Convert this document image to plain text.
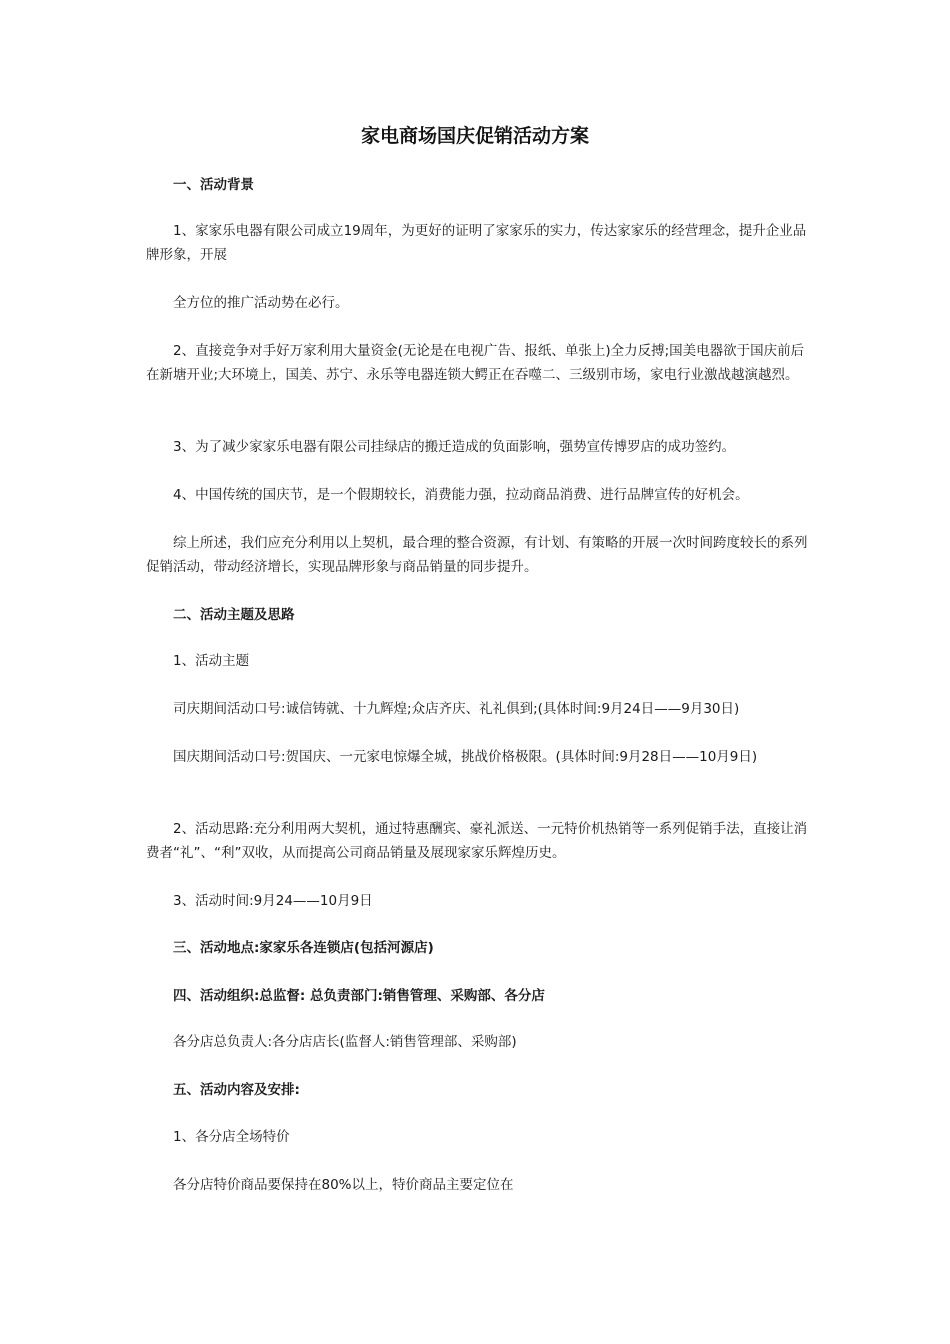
家电商场国庆促销活动方案

一、活动背景

1、家家乐电器有限公司成立19周年，为更好的证明了家家乐的实力，传达家家乐的经营理念，提升企业品牌形象，开展

全方位的推广活动势在必行。

2、直接竞争对手好万家利用大量资金(无论是在电视广告、报纸、单张上)全力反搏;国美电器欲于国庆前后在新塘开业;大环境上，国美、苏宁、永乐等电器连锁大鳄正在吞噬二、三级别市场，家电行业激战越演越烈。

3、为了减少家家乐电器有限公司挂绿店的搬迁造成的负面影响，强势宣传博罗店的成功签约。

4、中国传统的国庆节，是一个假期较长，消费能力强，拉动商品消费、进行品牌宣传的好机会。

综上所述，我们应充分利用以上契机，最合理的整合资源，有计划、有策略的开展一次时间跨度较长的系列促销活动，带动经济增长，实现品牌形象与商品销量的同步提升。

二、活动主题及思路

1、活动主题

司庆期间活动口号:诚信铸就、十九辉煌;众店齐庆、礼礼俱到;(具体时间:9月24日——9月30日)

国庆期间活动口号:贺国庆、一元家电惊爆全城，挑战价格极限。(具体时间:9月28日——10月9日)

2、活动思路:充分利用两大契机，通过特惠酬宾、豪礼派送、一元特价机热销等一系列促销手法，直接让消费者“礼”、“利”双收，从而提高公司商品销量及展现家家乐辉煌历史。

3、活动时间:9月24——10月9日

三、活动地点:家家乐各连锁店(包括河源店)

四、活动组织:总监督: 总负责部门:销售管理、采购部、各分店

各分店总负责人:各分店店长(监督人:销售管理部、采购部)

五、活动内容及安排:

1、各分店全场特价

各分店特价商品要保持在80%以上，特价商品主要定位在
